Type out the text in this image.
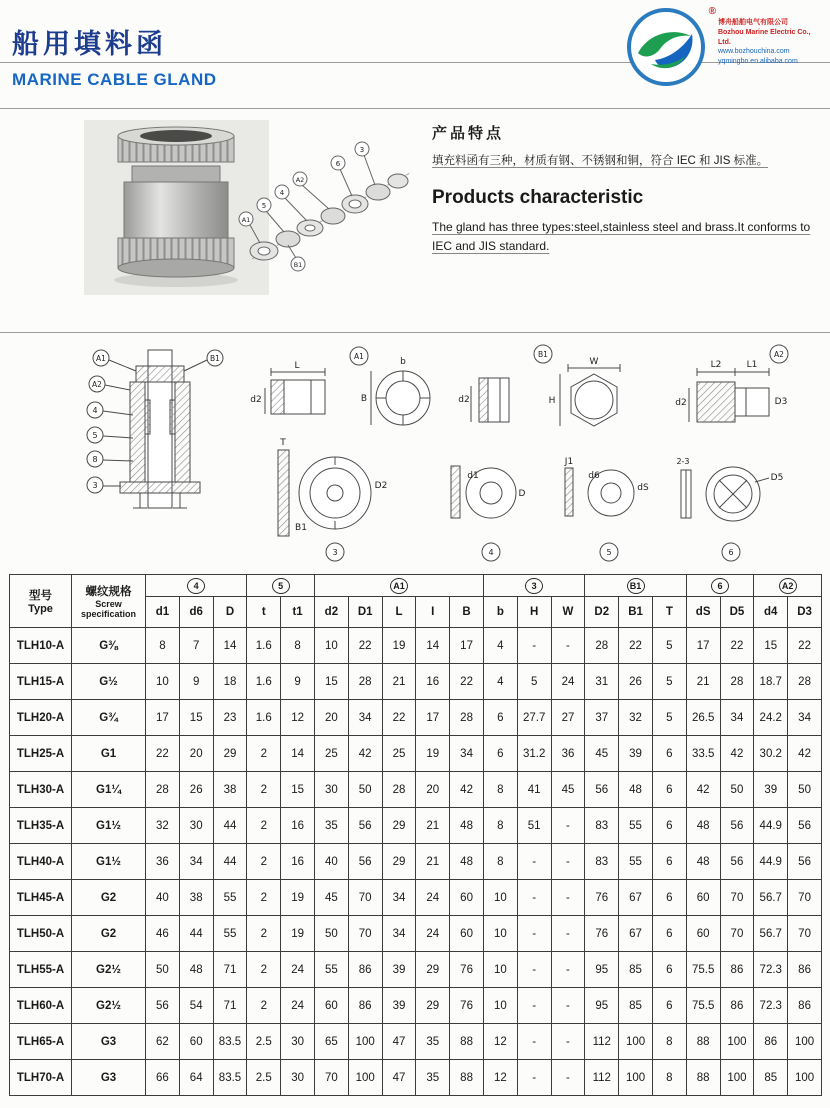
船用填料函
MARINE CABLE GLAND
®
博舟船舶电气有限公司
Bozhou Marine Electric Co., Ltd.
www.bozhouchina.com
yqmingbo.en.alibaba.com
A1
5
4
A2
6
3
B1
产品特点
填充料函有三种，材质有钢、不锈钢和铜，符合 IEC 和 JIS 标准。
Products characteristic
The gland has three types:steel,stainless steel and brass.It conforms to IEC and JIS standard.
A1
A2
4
5
8
3
B1	A1
L
d2
b
B
B1
d2
W
H
A2
L2	L1
d2	D3
T
D2
B1
3
d1
D
4
J1
d6
dS
5
2-3
D5
6
型号
Type

螺纹规格
Screw
specification
	4	5	A1	3	B1	6	A2
		d1	d6	D	t	t1	d2	D1	L	I	B	b	H	W	D2	B1	T	dS	D5	d4	D3
TLH10-A	G⅜	8	7	14	1.6	8	10	22	19	14	17	4	-	-	28	22	5	17	22	15	22
TLH15-A	G½	10	9	18	1.6	9	15	28	21	16	22	4	5	24	31	26	5	21	28	18.7	28
TLH20-A	G¾	17	15	23	1.6	12	20	34	22	17	28	6	27.7	27	37	32	5	26.5	34	24.2	34
TLH25-A	G1	22	20	29	2	14	25	42	25	19	34	6	31.2	36	45	39	6	33.5	42	30.2	42
TLH30-A	G1¼	28	26	38	2	15	30	50	28	20	42	8	41	45	56	48	6	42	50	39	50
TLH35-A	G1½	32	30	44	2	16	35	56	29	21	48	8	51	-	83	55	6	48	56	44.9	56
TLH40-A	G1½	36	34	44	2	16	40	56	29	21	48	8	-	-	83	55	6	48	56	44.9	56
TLH45-A	G2	40	38	55	2	19	45	70	34	24	60	10	-	-	76	67	6	60	70	56.7	70
TLH50-A	G2	46	44	55	2	19	50	70	34	24	60	10	-	-	76	67	6	60	70	56.7	70
TLH55-A	G2½	50	48	71	2	24	55	86	39	29	76	10	-	-	95	85	6	75.5	86	72.3	86
TLH60-A	G2½	56	54	71	2	24	60	86	39	29	76	10	-	-	95	85	6	75.5	86	72.3	86
TLH65-A	G3	62	60	83.5	2.5	30	65	100	47	35	88	12	-	-	112	100	8	88	100	86	100
TLH70-A	G3	66	64	83.5	2.5	30	70	100	47	35	88	12	-	-	112	100	8	88	100	85	100
